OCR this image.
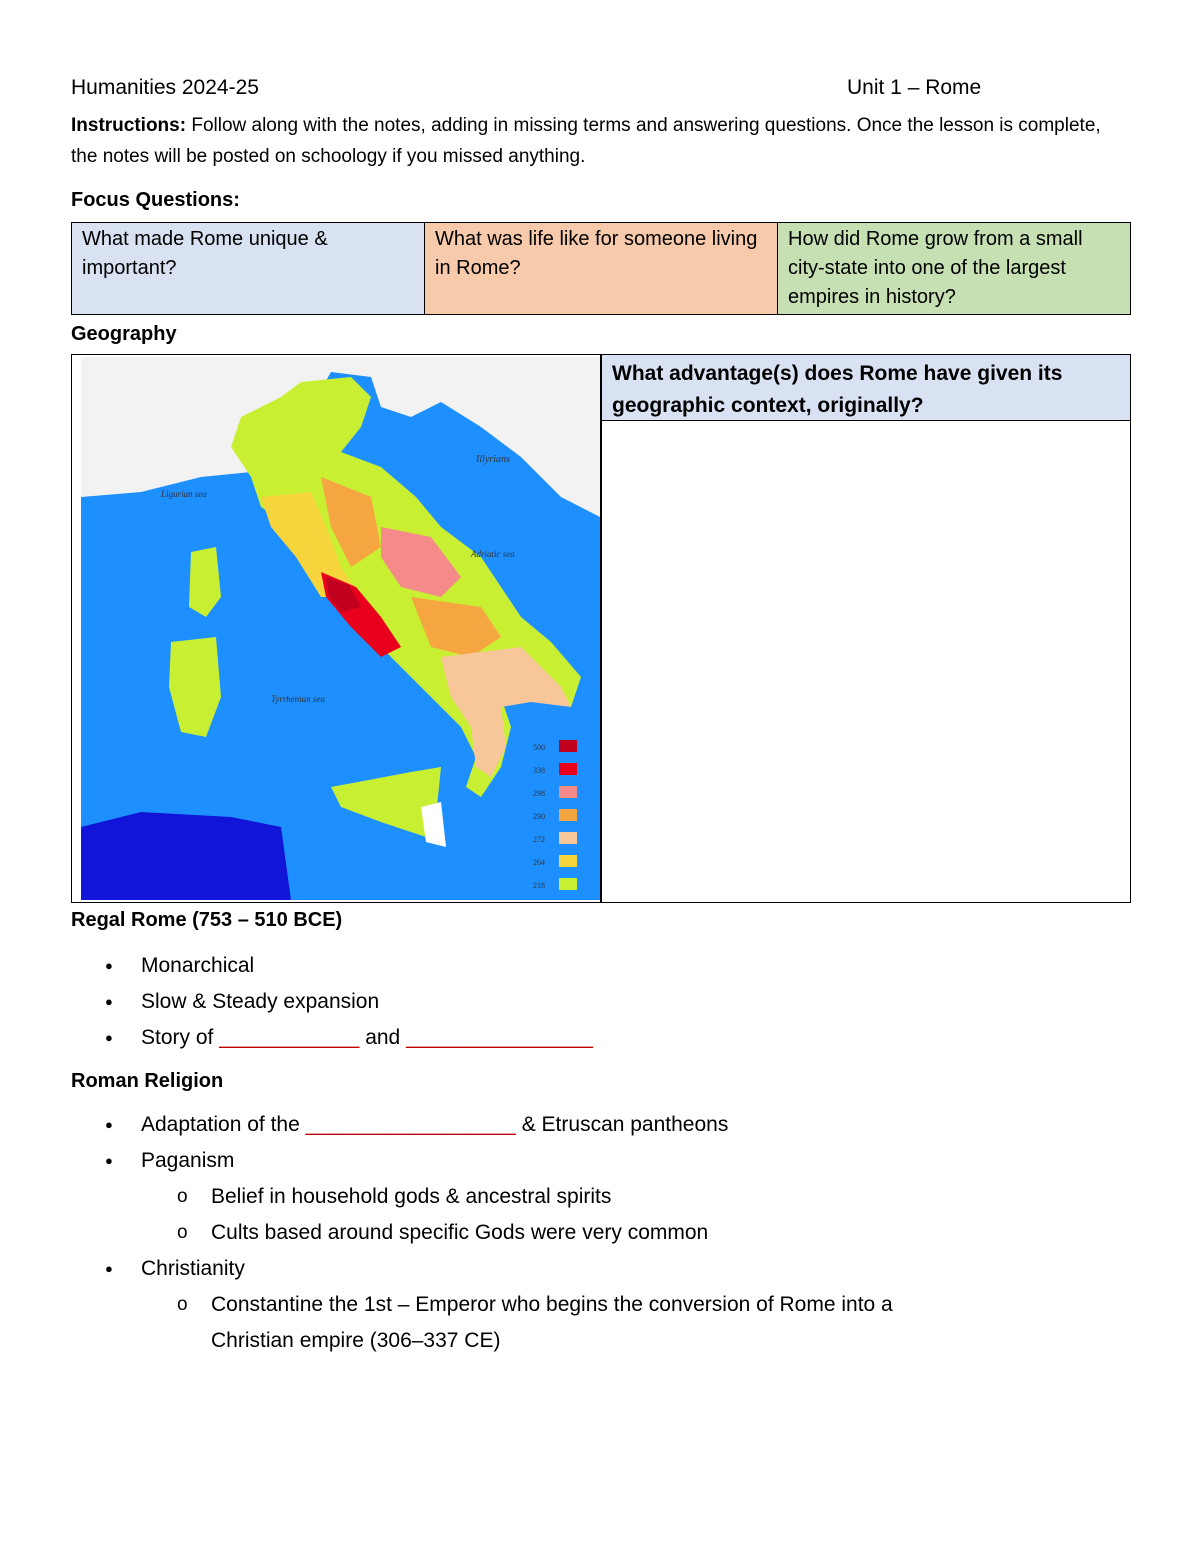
Humanities 2024-25	Unit 1 – Rome
Instructions: Follow along with the notes, adding in missing terms and answering questions. Once the lesson is complete, the notes will be posted on schoology if you missed anything.
Focus Questions:
What made Rome unique & important?	What was life like for someone living in Rome?	How did Rome grow from a small city-state into one of the largest empires in history?
Geography
Ligurian sea
Adriatic sea
Tyrrhenian sea
Illyrians
500
338
298
290
272
264
218
What advantage(s) does Rome have given its geographic context, originally?
Regal Rome (753 – 510 BCE)
● Monarchical
● Slow & Steady expansion
● Story of ____________ and ________________
Roman Religion
● Adaptation of the __________________ & Etruscan pantheons
● Paganism
o Belief in household gods & ancestral spirits
o Cults based around specific Gods were very common
● Christianity
o Constantine the 1st – Emperor who begins the conversion of Rome into a
Christian empire (306–337 CE)
